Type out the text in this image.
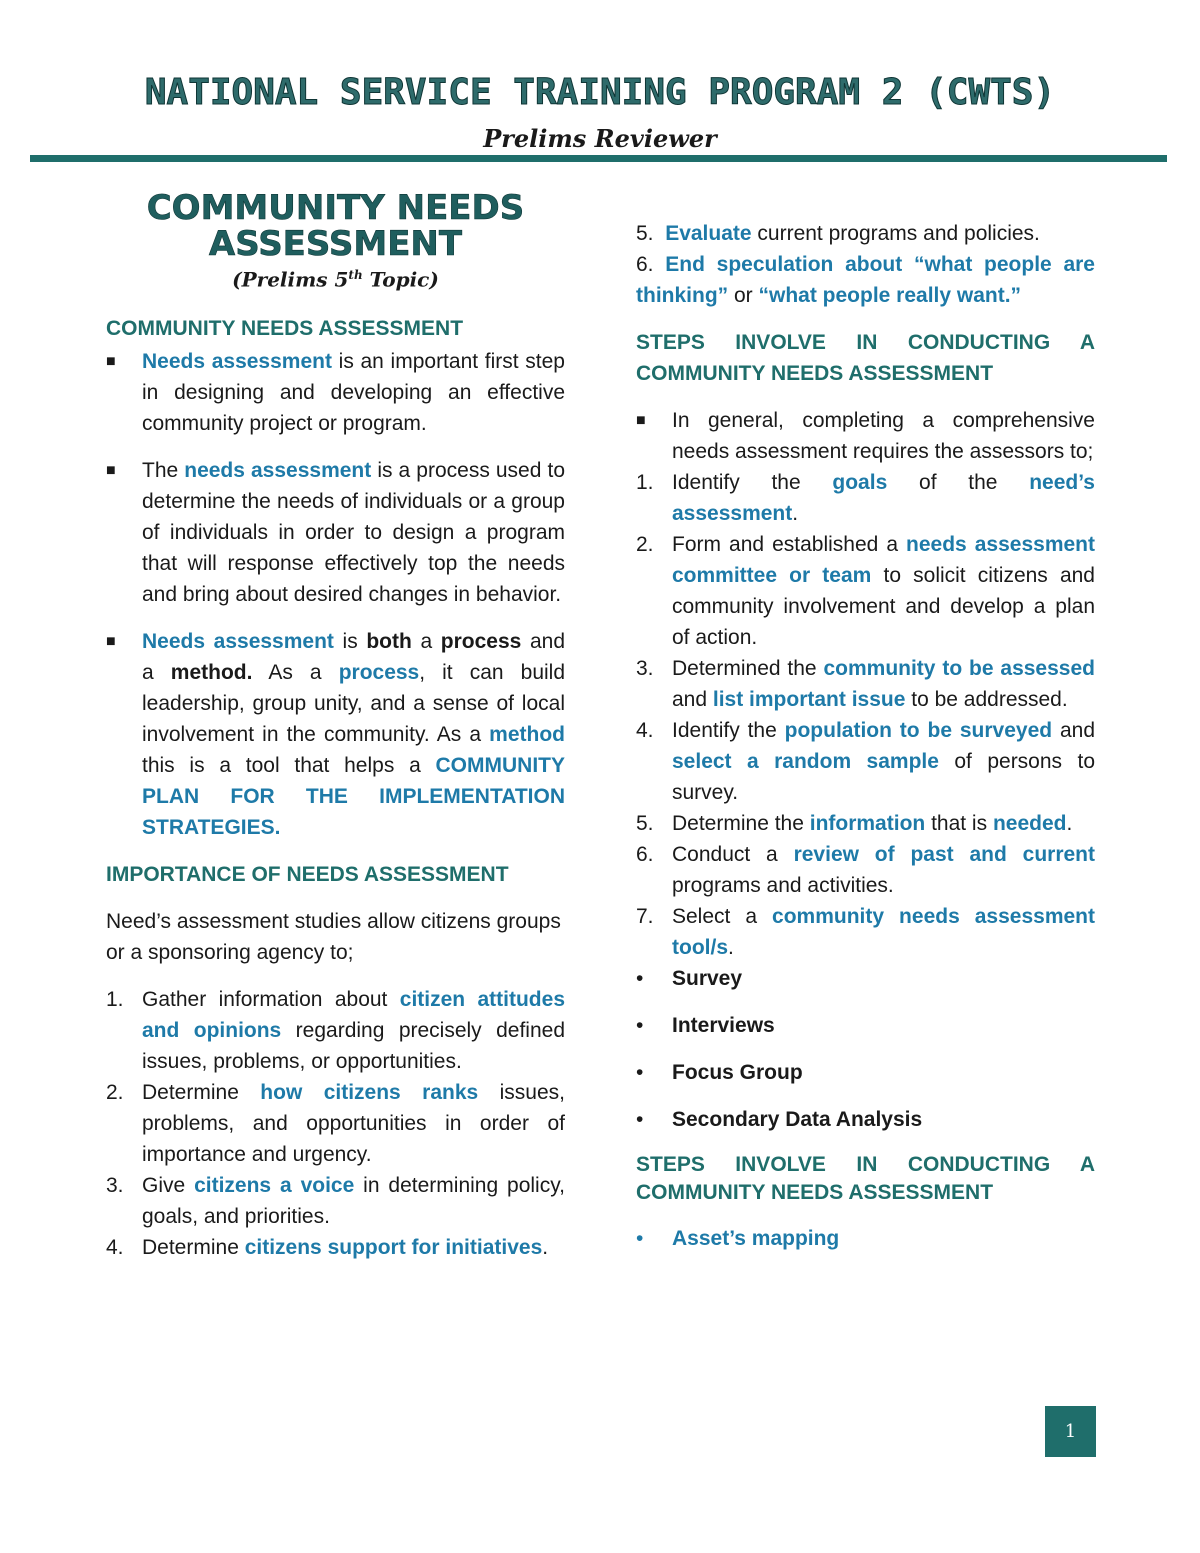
NATIONAL SERVICE TRAINING PROGRAM 2 (CWTS)
Prelims Reviewer
COMMUNITY NEEDS
ASSESSMENT
(Prelims 5th Topic)
COMMUNITY NEEDS ASSESSMENT
■ Needs assessment is an important first step in designing and developing an effective community project or program.
■ The needs assessment is a process used to determine the needs of individuals or a group of individuals in order to design a program that will response effectively top the needs and bring about desired changes in behavior.
■ Needs assessment is both a process and a method. As a process, it can build leadership, group unity, and a sense of local involvement in the community. As a method this is a tool that helps a COMMUNITY PLAN FOR THE IMPLEMENTATION STRATEGIES.
IMPORTANCE OF NEEDS ASSESSMENT
Need’s assessment studies allow citizens groups or a sponsoring agency to;
1. Gather information about citizen attitudes and opinions regarding precisely defined issues, problems, or opportunities.
2. Determine how citizens ranks issues, problems, and opportunities in order of importance and urgency.
3. Give citizens a voice in determining policy, goals, and priorities.
4. Determine citizens support for initiatives.
5. Evaluate current programs and policies.
6. End speculation about “what people are thinking” or “what people really want.”
STEPS INVOLVE IN CONDUCTING A COMMUNITY NEEDS ASSESSMENT
■ In general, completing a comprehensive needs assessment requires the assessors to;
1. Identify the goals of the need’s assessment.
2. Form and established a needs assessment committee or team to solicit citizens and community involvement and develop a plan of action.
3. Determined the community to be assessed and list important issue to be addressed.
4. Identify the population to be surveyed and select a random sample of persons to survey.
5. Determine the information that is needed.
6. Conduct a review of past and current programs and activities.
7. Select a community needs assessment tool/s.
• Survey
• Interviews
• Focus Group
• Secondary Data Analysis
STEPS INVOLVE IN CONDUCTING A COMMUNITY NEEDS ASSESSMENT
• Asset’s mapping
1
